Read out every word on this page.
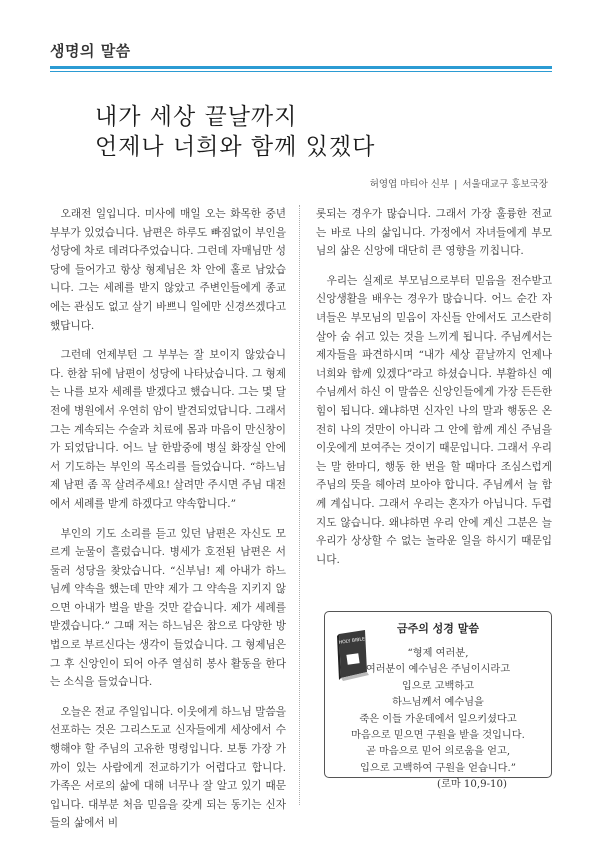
생명의 말씀
내가 세상 끝날까지
언제나 너희와 함께 있겠다
허영엽 마티아 신부 | 서울대교구 홍보국장

오래전 일입니다. 미사에 매일 오는 화목한 중년 부부가 있었습니다. 남편은 하루도 빠짐없이 부인을 성당에 차로 데려다주었습니다. 그런데 자매님만 성당에 들어가고 항상 형제님은 차 안에 홀로 남았습니다. 그는 세례를 받지 않았고 주변인들에게 종교에는 관심도 없고 살기 바쁘니 일에만 신경쓰겠다고 했답니다.

그런데 언제부턴 그 부부는 잘 보이지 않았습니다. 한참 뒤에 남편이 성당에 나타났습니다. 그 형제는 나를 보자 세례를 받겠다고 했습니다. 그는 몇 달 전에 병원에서 우연히 암이 발견되었답니다. 그래서 그는 계속되는 수술과 치료에 몸과 마음이 만신창이가 되었답니다. 어느 날 한밤중에 병실 화장실 안에서 기도하는 부인의 목소리를 들었습니다. “하느님 제 남편 좀 꼭 살려주세요! 살려만 주시면 주님 대전에서 세례를 받게 하겠다고 약속합니다.”

부인의 기도 소리를 듣고 있던 남편은 자신도 모르게 눈물이 흘렀습니다. 병세가 호전된 남편은 서둘러 성당을 찾았습니다. “신부님! 제 아내가 하느님께 약속을 했는데 만약 제가 그 약속을 지키지 않으면 아내가 벌을 받을 것만 같습니다. 제가 세례를 받겠습니다.” 그때 저는 하느님은 참으로 다양한 방법으로 부르신다는 생각이 들었습니다. 그 형제님은 그 후 신앙인이 되어 아주 열심히 봉사 활동을 한다는 소식을 들었습니다.

오늘은 전교 주일입니다. 이웃에게 하느님 말씀을 선포하는 것은 그리스도교 신자들에게 세상에서 수행해야 할 주님의 고유한 명령입니다. 보통 가장 가까이 있는 사람에게 전교하기가 어렵다고 합니다. 가족은 서로의 삶에 대해 너무나 잘 알고 있기 때문입니다. 대부분 처음 믿음을 갖게 되는 동기는 신자들의 삶에서 비

롯되는 경우가 많습니다. 그래서 가장 훌륭한 전교는 바로 나의 삶입니다. 가정에서 자녀들에게 부모님의 삶은 신앙에 대단히 큰 영향을 끼칩니다.

우리는 실제로 부모님으로부터 믿음을 전수받고 신앙생활을 배우는 경우가 많습니다. 어느 순간 자녀들은 부모님의 믿음이 자신들 안에서도 고스란히 살아 숨 쉬고 있는 것을 느끼게 됩니다. 주님께서는 제자들을 파견하시며 “내가 세상 끝날까지 언제나 너희와 함께 있겠다”라고 하셨습니다. 부활하신 예수님께서 하신 이 말씀은 신앙인들에게 가장 든든한 힘이 됩니다. 왜냐하면 신자인 나의 말과 행동은 온전히 나의 것만이 아니라 그 안에 함께 계신 주님을 이웃에게 보여주는 것이기 때문입니다. 그래서 우리는 말 한마디, 행동 한 번을 할 때마다 조심스럽게 주님의 뜻을 헤아려 보아야 합니다. 주님께서 늘 함께 계십니다. 그래서 우리는 혼자가 아닙니다. 두렵지도 않습니다. 왜냐하면 우리 안에 계신 그분은 늘 우리가 상상할 수 없는 놀라운 일을 하시기 때문입니다.

HOLY BIBLE
금주의 성경 말씀
“형제 여러분,
여러분이 예수님은 주님이시라고
입으로 고백하고
하느님께서 예수님을
죽은 이들 가운데에서 일으키셨다고
마음으로 믿으면 구원을 받을 것입니다.
곧 마음으로 믿어 의로움을 얻고,
입으로 고백하여 구원을 얻습니다.”
(로마 10,9-10)
